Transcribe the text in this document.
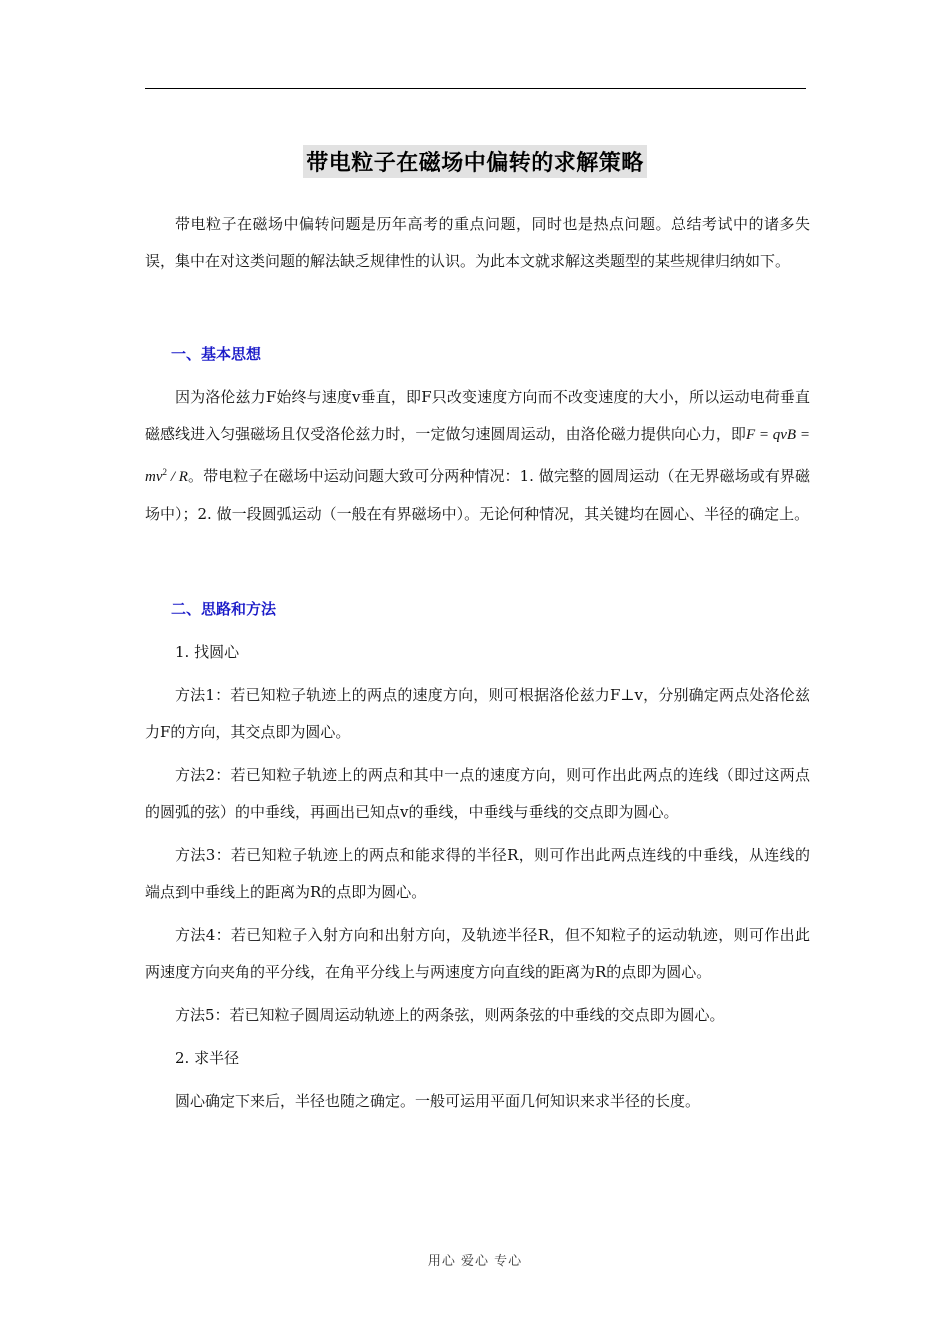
带电粒子在磁场中偏转的求解策略

带电粒子在磁场中偏转问题是历年高考的重点问题，同时也是热点问题。总结考试中的诸多失误，集中在对这类问题的解法缺乏规律性的认识。为此本文就求解这类题型的某些规律归纳如下。

一、基本思想

因为洛伦兹力F始终与速度v垂直，即F只改变速度方向而不改变速度的大小，所以运动电荷垂直磁感线进入匀强磁场且仅受洛伦兹力时，一定做匀速圆周运动，由洛伦磁力提供向心力，即F = qvB = $mv^2$ / R。带电粒子在磁场中运动问题大致可分两种情况：1. 做完整的圆周运动（在无界磁场或有界磁场中）；2. 做一段圆弧运动（一般在有界磁场中）。无论何种情况，其关键均在圆心、半径的确定上。

二、思路和方法

1. 找圆心

方法1：若已知粒子轨迹上的两点的速度方向，则可根据洛伦兹力F⊥v，分别确定两点处洛伦兹力F的方向，其交点即为圆心。

方法2：若已知粒子轨迹上的两点和其中一点的速度方向，则可作出此两点的连线（即过这两点的圆弧的弦）的中垂线，再画出已知点v的垂线，中垂线与垂线的交点即为圆心。

方法3：若已知粒子轨迹上的两点和能求得的半径R，则可作出此两点连线的中垂线，从连线的端点到中垂线上的距离为R的点即为圆心。

方法4：若已知粒子入射方向和出射方向，及轨迹半径R，但不知粒子的运动轨迹，则可作出此两速度方向夹角的平分线，在角平分线上与两速度方向直线的距离为R的点即为圆心。

方法5：若已知粒子圆周运动轨迹上的两条弦，则两条弦的中垂线的交点即为圆心。

2. 求半径

圆心确定下来后，半径也随之确定。一般可运用平面几何知识来求半径的长度。

用心 爱心 专心
